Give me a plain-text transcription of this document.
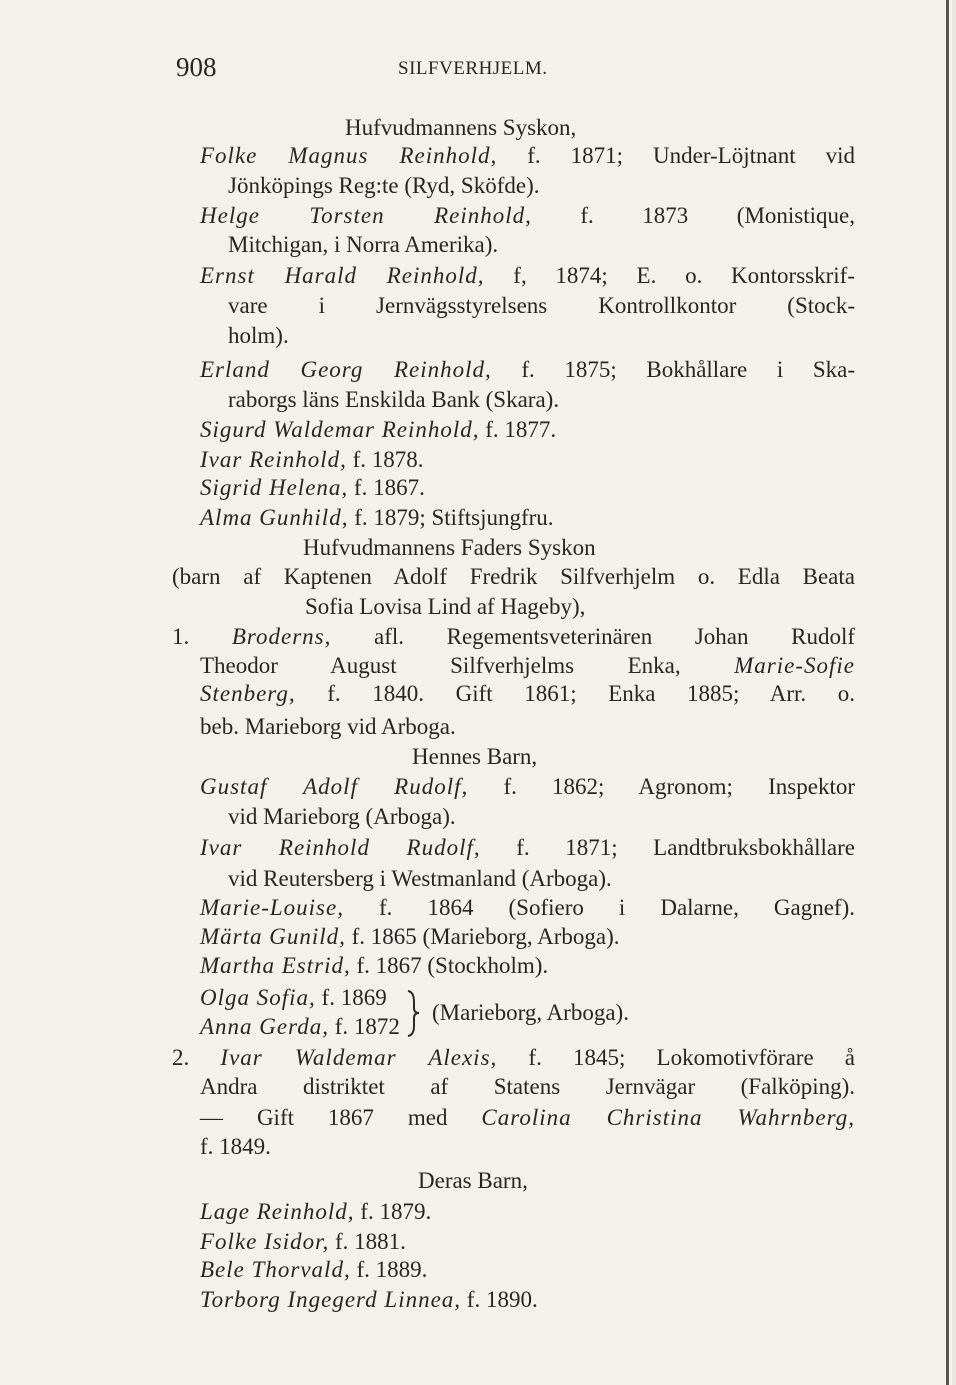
908	SILFVERHJELM.
Hufvudmannens Syskon,
Folke Magnus Reinhold, f. 1871; Under-Löjtnant vid
Jönköpings Reg:te (Ryd, Sköfde).
Helge Torsten Reinhold, f. 1873 (Monistique,
Mitchigan, i Norra Amerika).
Ernst Harald Reinhold, f, 1874; E. o. Kontorsskrif-
vare i Jernvägsstyrelsens Kontrollkontor (Stock-
holm).
Erland Georg Reinhold, f. 1875; Bokhållare i Ska-
raborgs läns Enskilda Bank (Skara).
Sigurd Waldemar Reinhold, f. 1877.
Ivar Reinhold, f. 1878.
Sigrid Helena, f. 1867.
Alma Gunhild, f. 1879; Stiftsjungfru.
Hufvudmannens Faders Syskon
(barn af Kaptenen Adolf Fredrik Silfverhjelm o. Edla Beata
Sofia Lovisa Lind af Hageby),
1. Broderns, afl. Regementsveterinären Johan Rudolf
Theodor August Silfverhjelms Enka, Marie-Sofie
Stenberg, f. 1840. Gift 1861; Enka 1885; Arr. o.
beb. Marieborg vid Arboga.
Hennes Barn,
Gustaf Adolf Rudolf, f. 1862; Agronom; Inspektor
vid Marieborg (Arboga).
Ivar Reinhold Rudolf, f. 1871; Landtbruksbokhållare
vid Reutersberg i Westmanland (Arboga).
Marie-Louise, f. 1864 (Sofiero i Dalarne, Gagnef).
Märta Gunild, f. 1865 (Marieborg, Arboga).
Martha Estrid, f. 1867 (Stockholm).
Olga Sofia, f. 1869
Anna Gerda, f. 1872
(Marieborg, Arboga).
2. Ivar Waldemar Alexis, f. 1845; Lokomotivförare å
Andra distriktet af Statens Jernvägar (Falköping).
— Gift 1867 med Carolina Christina Wahrnberg,
f. 1849.
Deras Barn,
Lage Reinhold, f. 1879.
Folke Isidor, f. 1881.
Bele Thorvald, f. 1889.
Torborg Ingegerd Linnea, f. 1890.
